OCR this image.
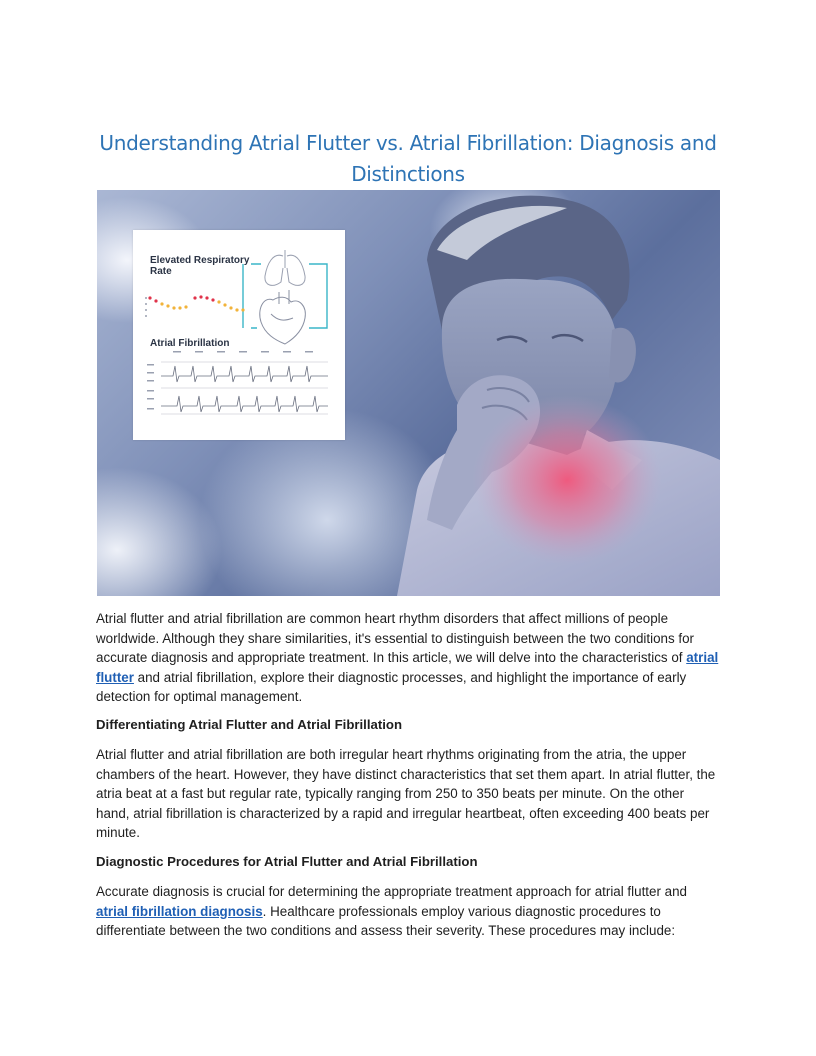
Understanding Atrial Flutter vs. Atrial Fibrillation: Diagnosis and Distinctions
Elevated Respiratory Rate
Atrial Fibrillation
Atrial flutter and atrial fibrillation are common heart rhythm disorders that affect millions of people worldwide. Although they share similarities, it's essential to distinguish between the two conditions for accurate diagnosis and appropriate treatment. In this article, we will delve into the characteristics of atrial flutter and atrial fibrillation, explore their diagnostic processes, and highlight the importance of early detection for optimal management.
Differentiating Atrial Flutter and Atrial Fibrillation
Atrial flutter and atrial fibrillation are both irregular heart rhythms originating from the atria, the upper chambers of the heart. However, they have distinct characteristics that set them apart. In atrial flutter, the atria beat at a fast but regular rate, typically ranging from 250 to 350 beats per minute. On the other hand, atrial fibrillation is characterized by a rapid and irregular heartbeat, often exceeding 400 beats per minute.
Diagnostic Procedures for Atrial Flutter and Atrial Fibrillation
Accurate diagnosis is crucial for determining the appropriate treatment approach for atrial flutter and atrial fibrillation diagnosis. Healthcare professionals employ various diagnostic procedures to differentiate between the two conditions and assess their severity. These procedures may include:
